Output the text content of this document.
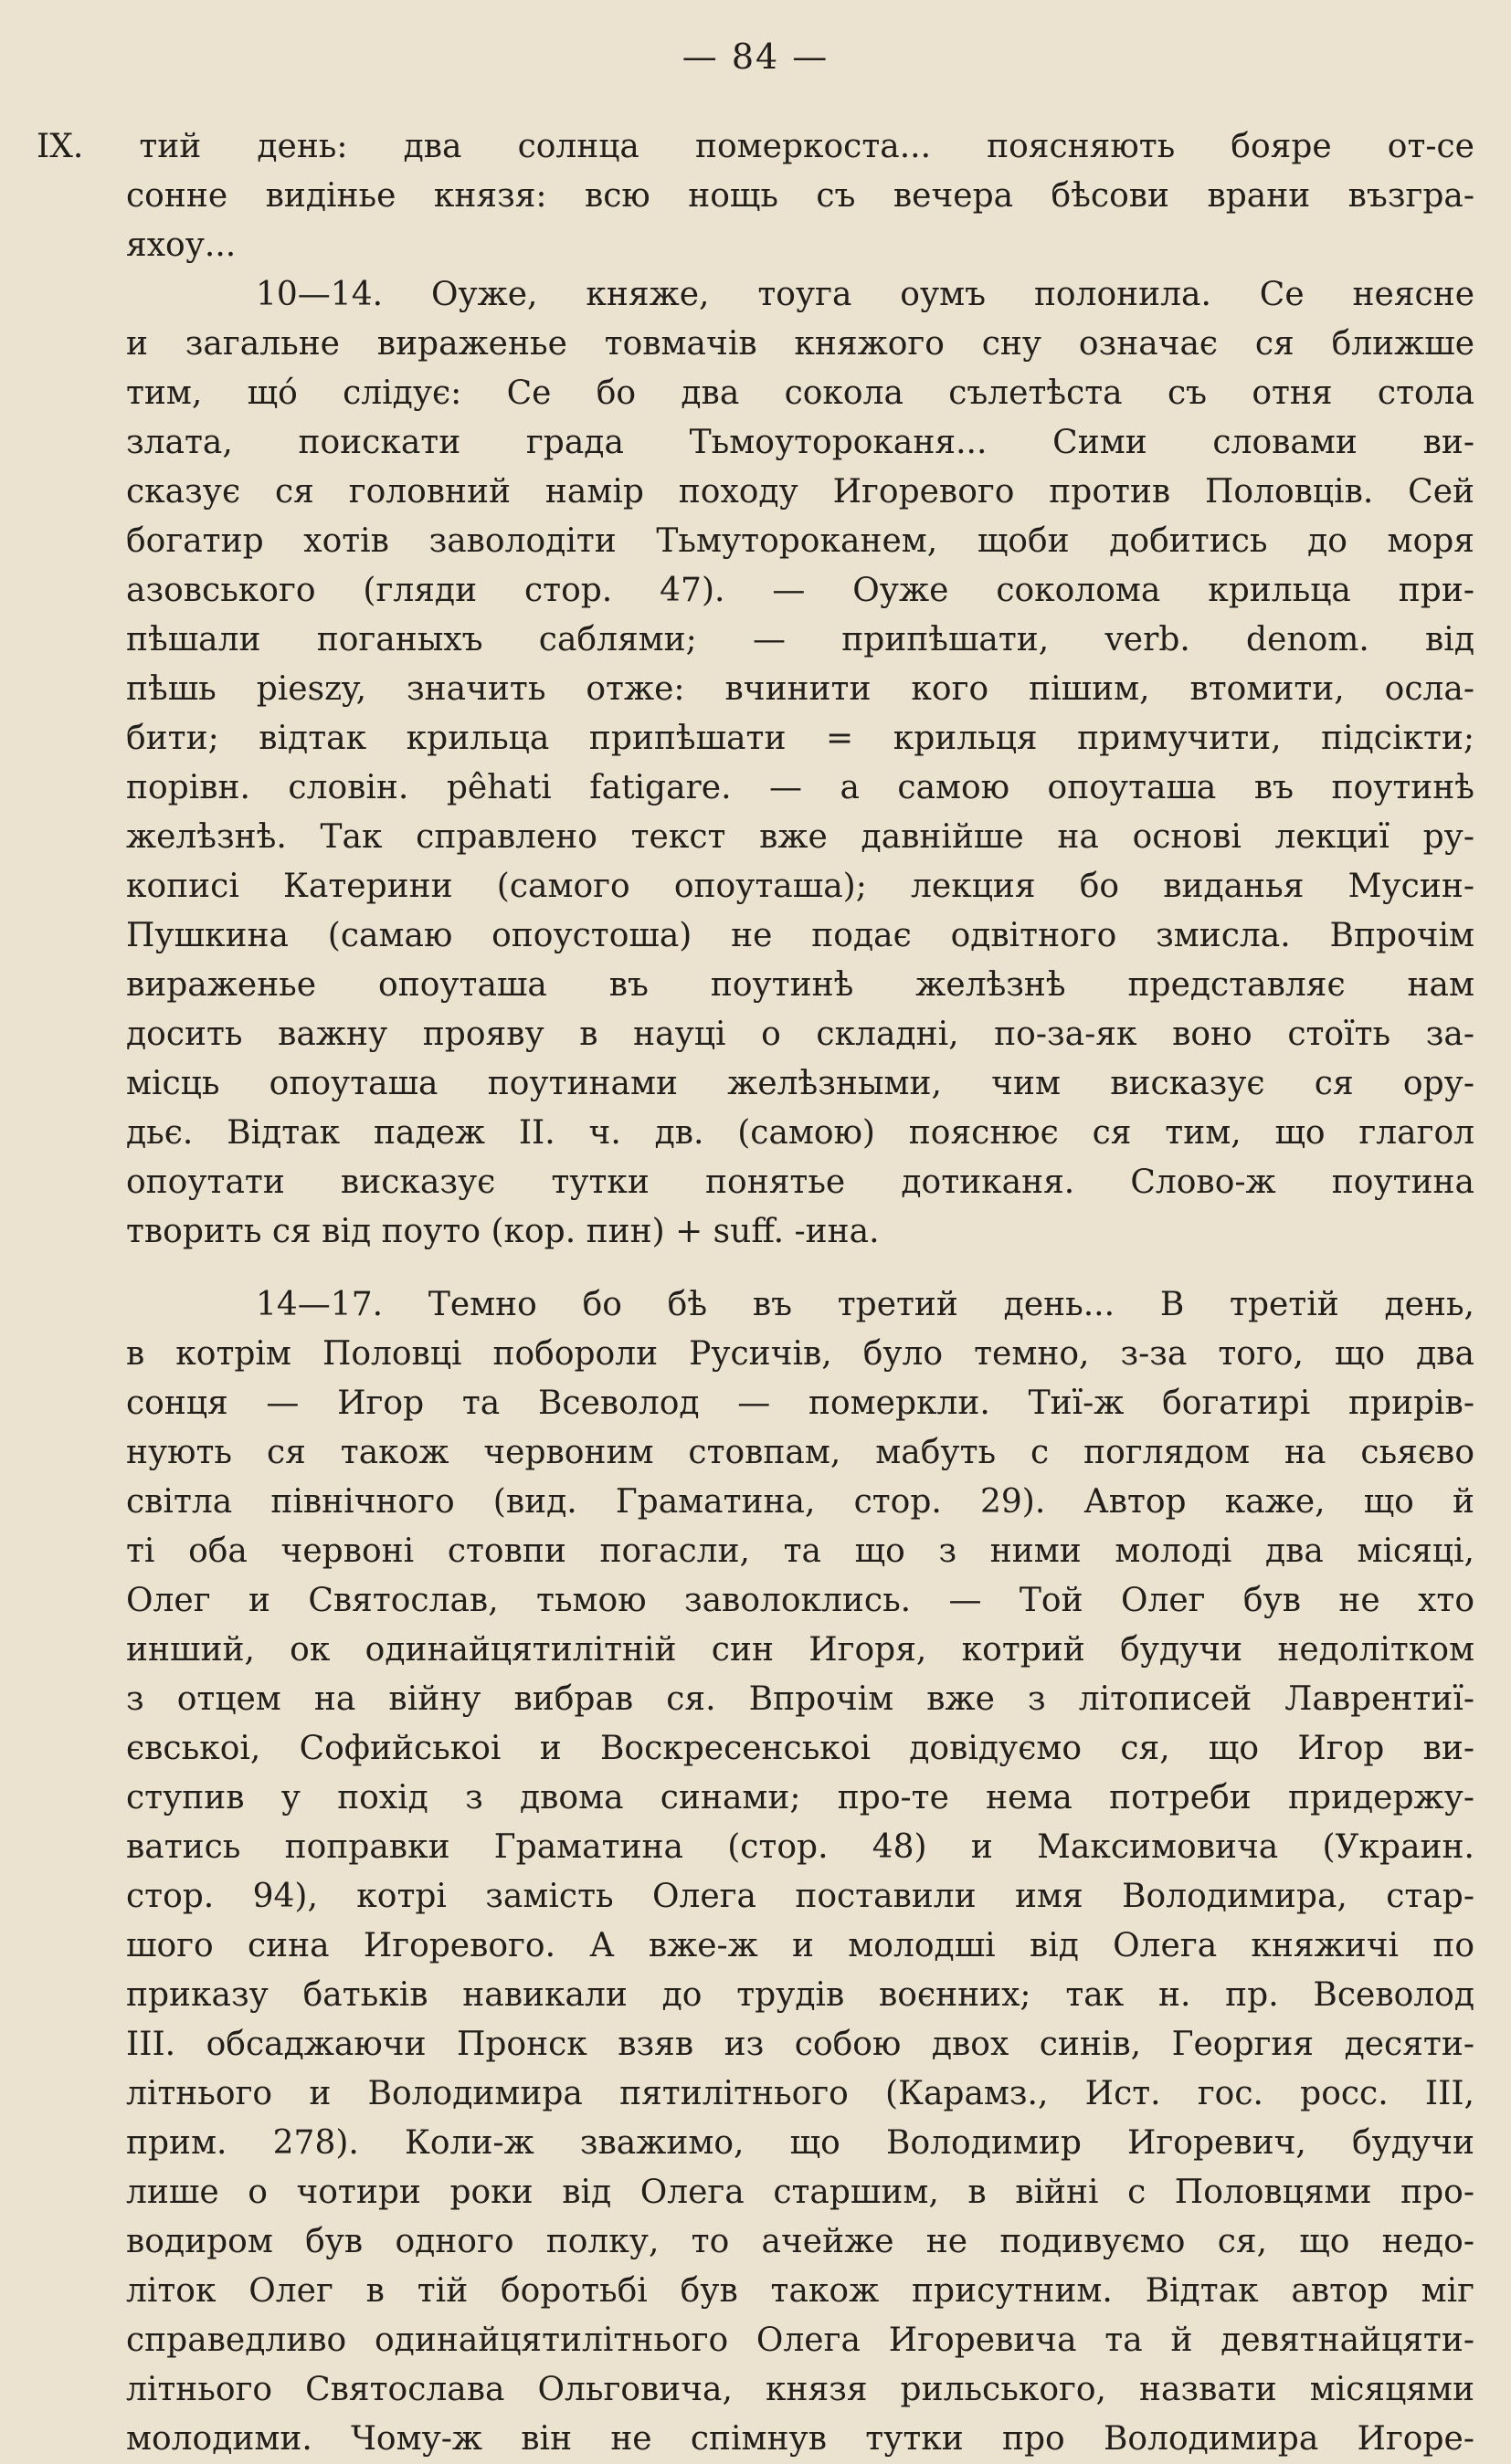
— 84 —
IX. тий день: два солнца померкоста... поясняють бояре от-се
сонне видінье князя: всю нощь съ вечера бѣсови врани възгра-
яхоу...
10—14. Оуже, княже, тоуга оумъ полонила. Се неясне
и загальне вираженье товмачів княжого сну означає ся ближше
тим, щó слідує: Се бо два сокола сълетѣста съ отня стола
злата, поискати града Тьмоутороканя... Сими словами ви-
сказує ся головний намір походу Игоревого против Половців. Сей
богатир хотів заволодіти Тьмутороканем, щоби добитись до моря
азовського (гляди стор. 47). — Оуже соколома крильца при-
пѣшали поганыхъ саблями; — припѣшати, verb. denom. від
пѣшь pieszy, значить отже: вчинити кого пішим, втомити, осла-
бити; відтак крильца припѣшати = крильця примучити, підсікти;
порівн. словін. pêhati fatigare. — а самою опоуташа въ поутинѣ
желѣзнѣ. Так справлено текст вже давнійше на основі лекциї ру-
кописі Катерини (самого опоуташа); лекция бо виданья Мусин-
Пушкина (самаю опоустоша) не подає одвітного змисла. Впрочім
вираженье опоуташа въ поутинѣ желѣзнѣ представляє нам
досить важну прояву в науці о складні, по-за-як воно стоїть за-
місць опоуташа поутинами желѣзными, чим висказує ся ору-
дьє. Відтак падеж II. ч. дв. (самою) пояснює ся тим, що глагол
опоутати висказує тутки понятье дотиканя. Слово-ж поутина
творить ся від поуто (кор. пин) + suff. -ина.
14—17. Темно бо бѣ въ третий день... В третій день,
в котрім Половці побороли Русичів, було темно, з-за того, що два
сонця — Игор та Всеволод — померкли. Тиї-ж богатирі прирів-
нують ся також червоним стовпам, мабуть с поглядом на сьяєво
світла північного (вид. Граматина, стор. 29). Автор каже, що й
ті оба червоні стовпи погасли, та що з ними молоді два місяці,
Олег и Святослав, тьмою заволоклись. — Той Олег був не хто
инший, ок одинайцятилітній син Игоря, котрий будучи недолітком
з отцем на війну вибрав ся. Впрочім вже з літописей Лаврентиї-
євськоі, Софийськоі и Воскресенськоі довідуємо ся, що Игор ви-
ступив у похід з двома синами; про-те нема потреби придержу-
ватись поправки Граматина (стор. 48) и Максимовича (Украин.
стор. 94), котрі замість Олега поставили имя Володимира, стар-
шого сина Игоревого. А вже-ж и молодші від Олега княжичі по
приказу батьків навикали до трудів воєнних; так н. пр. Всеволод
III. обсаджаючи Пронск взяв из собою двох синів, Георгия десяти-
літнього и Володимира пятилітнього (Карамз., Ист. гос. росс. III,
прим. 278). Коли-ж зважимо, що Володимир Игоревич, будучи
лише о чотири роки від Олега старшим, в війні с Половцями про-
водиром був одного полку, то ачейже не подивуємо ся, що недо-
літок Олег в тій боротьбі був також присутним. Відтак автор міг
справедливо одинайцятилітнього Олега Игоревича та й девятнайцяти-
літнього Святослава Ольговича, князя рильського, назвати місяцями
молодими. Чому-ж він не спімнув тутки про Володимира Игоре-
